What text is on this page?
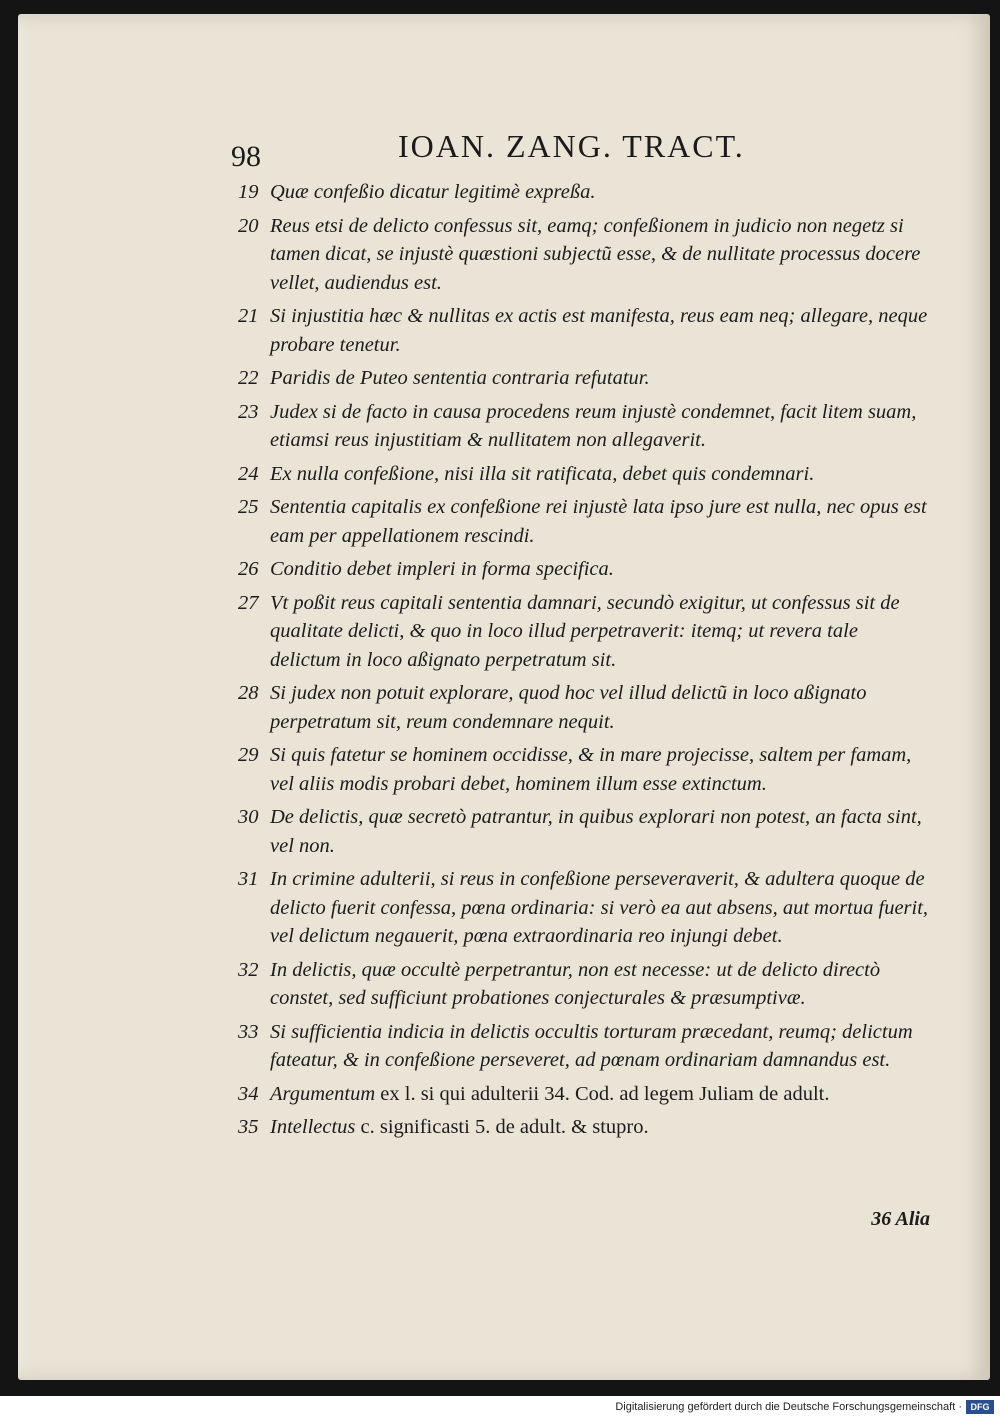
98	IOAN. ZANG. TRACT.
19 Quæ confeßio dicatur legitimè expreßa.
20 Reus etsi de delicto confessus sit, eamq; confeßionem in judicio non negetz si tamen dicat, se injustè quæstioni subjectũ esse, & de nullitate processus docere vellet, audiendus est.
21 Si injustitia hæc & nullitas ex actis est manifesta, reus eam neq; allegare, neque probare tenetur.
22 Paridis de Puteo sententia contraria refutatur.
23 Judex si de facto in causa procedens reum injustè condemnet, facit litem suam, etiamsi reus injustitiam & nullitatem non allegaverit.
24 Ex nulla confeßione, nisi illa sit ratificata, debet quis condemnari.
25 Sententia capitalis ex confeßione rei injustè lata ipso jure est nulla, nec opus est eam per appellationem rescindi.
26 Conditio debet impleri in forma specifica.
27 Vt poßit reus capitali sententia damnari, secundò exigitur, ut confessus sit de qualitate delicti, & quo in loco illud perpetraverit: itemq; ut revera tale delictum in loco aßignato perpetratum sit.
28 Si judex non potuit explorare, quod hoc vel illud delictũ in loco aßignato perpetratum sit, reum condemnare nequit.
29 Si quis fatetur se hominem occidisse, & in mare projecisse, saltem per famam, vel aliis modis probari debet, hominem illum esse extinctum.
30 De delictis, quæ secretò patrantur, in quibus explorari non potest, an facta sint, vel non.
31 In crimine adulterii, si reus in confeßione perseveraverit, & adultera quoque de delicto fuerit confessa, pœna ordinaria: si verò ea aut absens, aut mortua fuerit, vel delictum negauerit, pœna extraordinaria reo injungi debet.
32 In delictis, quæ occultè perpetrantur, non est necesse: ut de delicto directò constet, sed sufficiunt probationes conjecturales & præsumptivæ.
33 Si sufficientia indicia in delictis occultis torturam præcedant, reumq; delictum fateatur, & in confeßione perseveret, ad pœnam ordinariam damnandus est.
34 Argumentum ex l. si qui adulterii 34. Cod. ad legem Juliam de adult.
35 Intellectus c. significasti 5. de adult. & stupro.
36 Alia
Digitalisierung gefördert durch die Deutsche Forschungsgemeinschaft · DFG
